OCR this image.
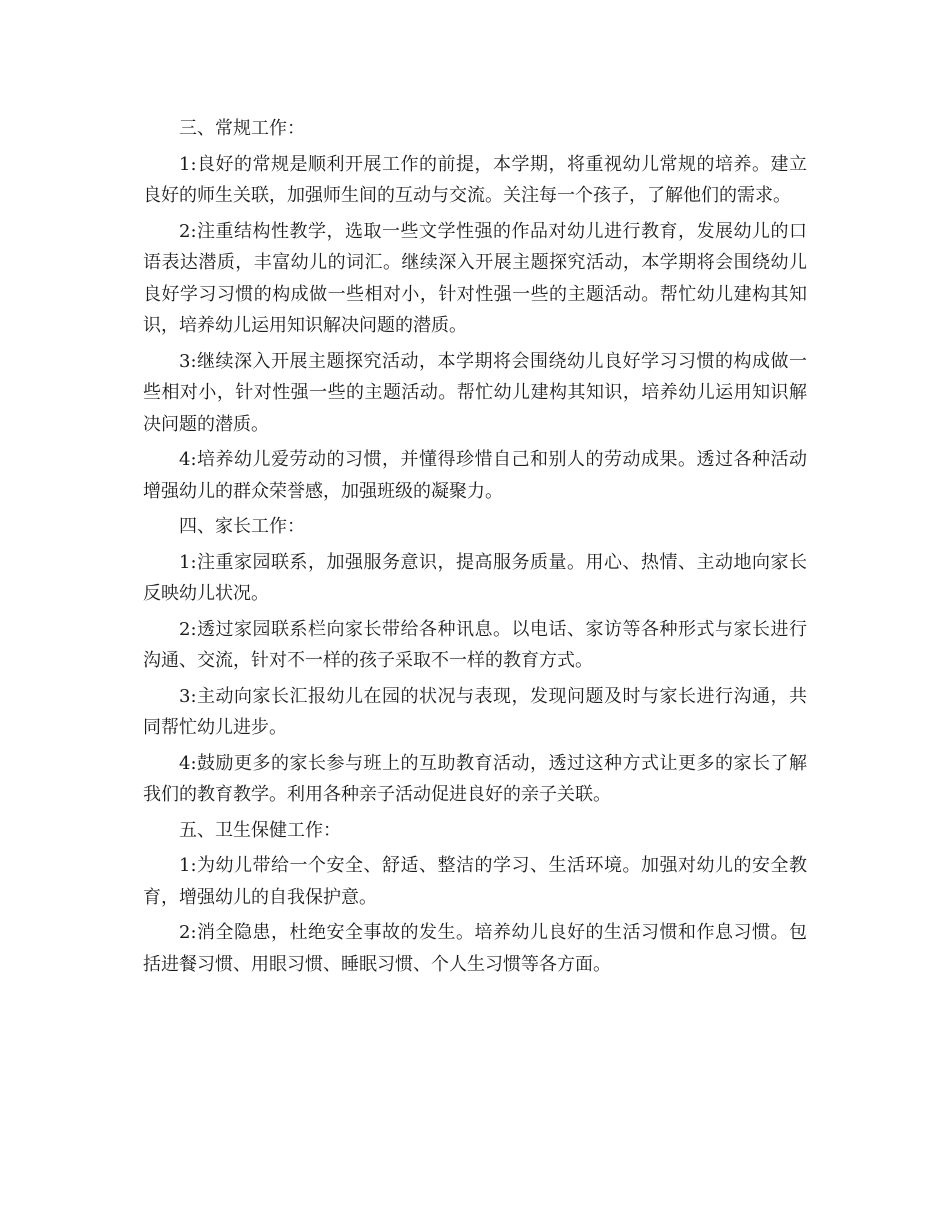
三、常规工作：

1:良好的常规是顺利开展工作的前提，本学期，将重视幼儿常规的培养。建立良好的师生关联，加强师生间的互动与交流。关注每一个孩子，了解他们的需求。

2:注重结构性教学，选取一些文学性强的作品对幼儿进行教育，发展幼儿的口语表达潜质，丰富幼儿的词汇。继续深入开展主题探究活动，本学期将会围绕幼儿良好学习习惯的构成做一些相对小，针对性强一些的主题活动。帮忙幼儿建构其知识，培养幼儿运用知识解决问题的潜质。

3:继续深入开展主题探究活动，本学期将会围绕幼儿良好学习习惯的构成做一些相对小，针对性强一些的主题活动。帮忙幼儿建构其知识，培养幼儿运用知识解决问题的潜质。

4:培养幼儿爱劳动的习惯，并懂得珍惜自己和别人的劳动成果。透过各种活动增强幼儿的群众荣誉感，加强班级的凝聚力。

四、家长工作：

1:注重家园联系，加强服务意识，提高服务质量。用心、热情、主动地向家长反映幼儿状况。

2:透过家园联系栏向家长带给各种讯息。以电话、家访等各种形式与家长进行沟通、交流，针对不一样的孩子采取不一样的教育方式。

3:主动向家长汇报幼儿在园的状况与表现，发现问题及时与家长进行沟通，共同帮忙幼儿进步。

4:鼓励更多的家长参与班上的互助教育活动，透过这种方式让更多的家长了解我们的教育教学。利用各种亲子活动促进良好的亲子关联。

五、卫生保健工作：

1:为幼儿带给一个安全、舒适、整洁的学习、生活环境。加强对幼儿的安全教育，增强幼儿的自我保护意。

2:消全隐患，杜绝安全事故的发生。培养幼儿良好的生活习惯和作息习惯。包括进餐习惯、用眼习惯、睡眠习惯、个人生习惯等各方面。
